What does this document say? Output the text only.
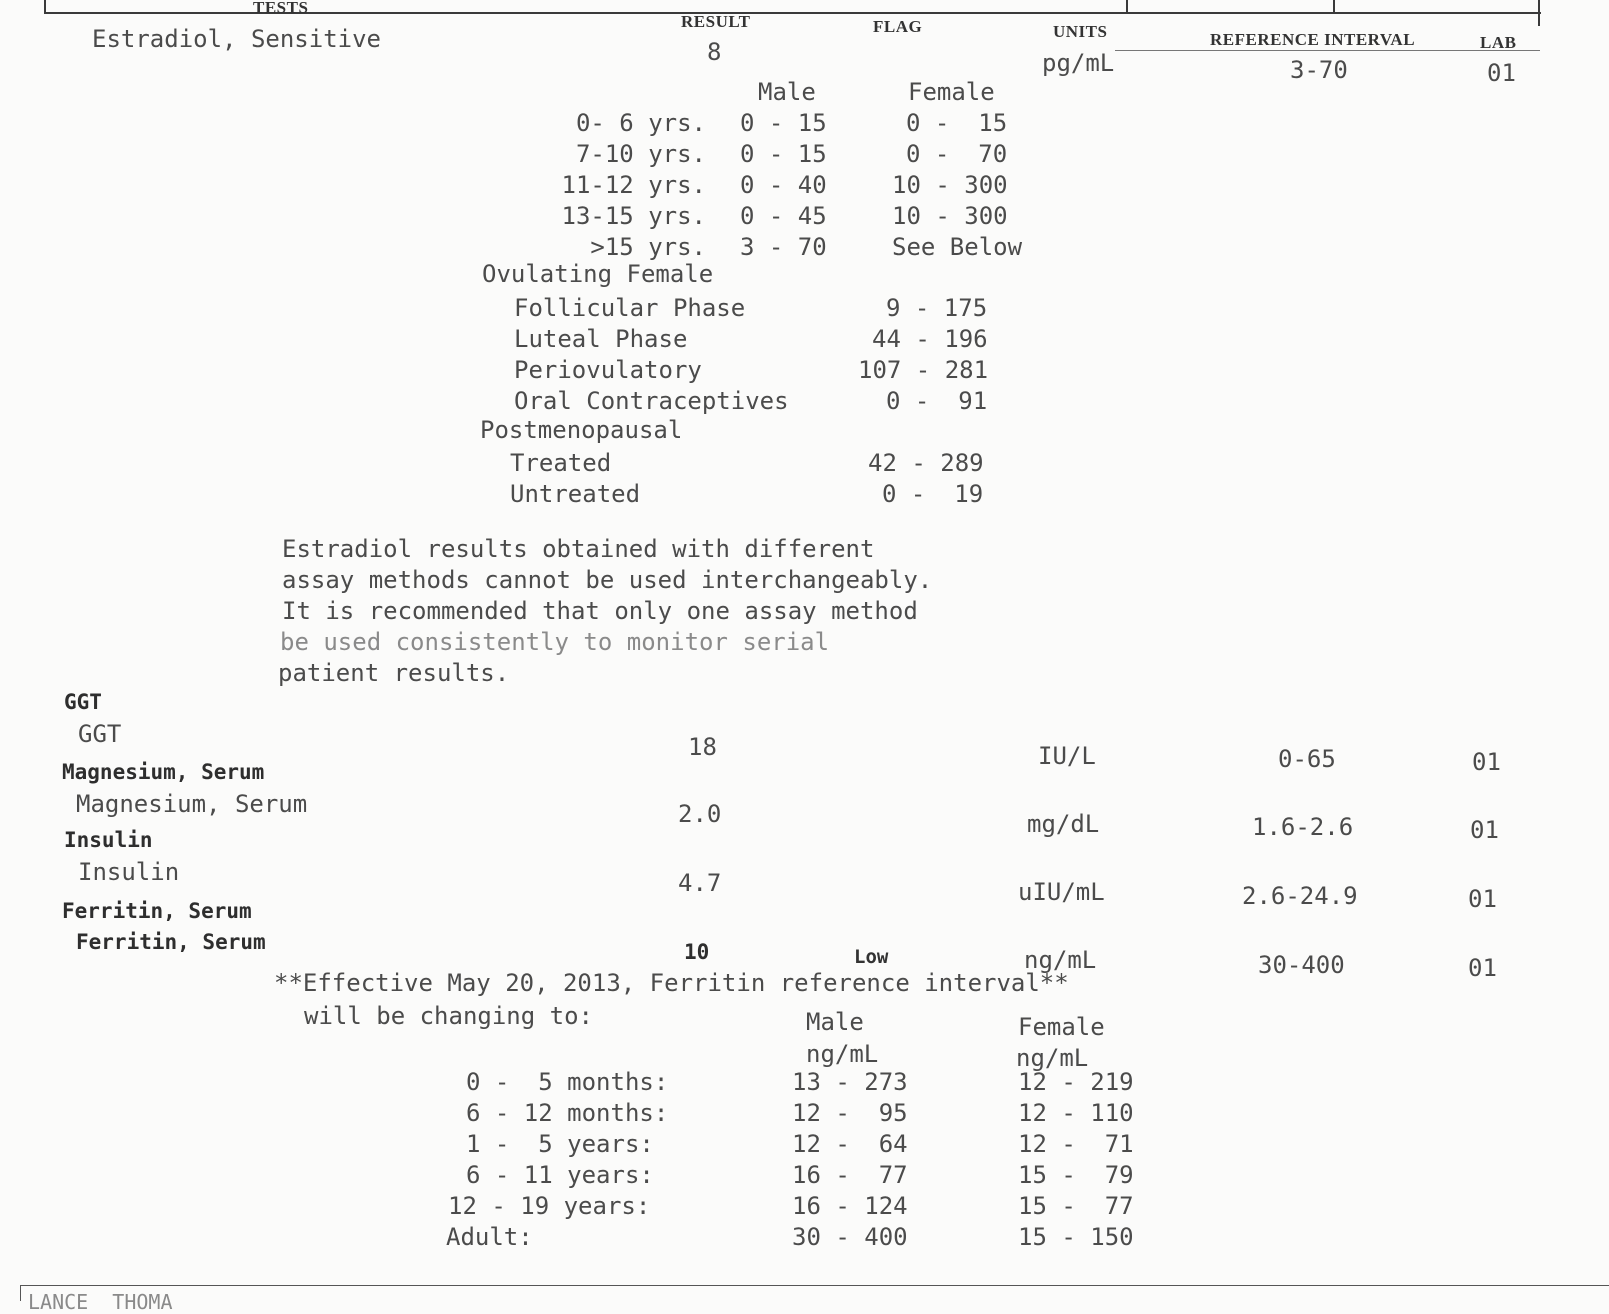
TESTS
RESULT	FLAG	UNITS	REFERENCE INTERVAL	LAB
Estradiol, Sensitive	8	pg/mL	3-70	01
	Male	Female
0- 6 yrs.	0 - 15	0 -  15
7-10 yrs.	0 - 15	0 -  70
11-12 yrs.	0 - 40	10 - 300
13-15 yrs.	0 - 45	10 - 300
>15 yrs.	3 - 70	See Below
Ovulating Female
Follicular Phase	9 - 175
Luteal Phase	44 - 196
Periovulatory	107 - 281
Oral Contraceptives	0 -  91
Postmenopausal
Treated	42 - 289
Untreated	0 -  19
Estradiol results obtained with different
assay methods cannot be used interchangeably.
It is recommended that only one assay method
be used consistently to monitor serial
patient results.
GGT
GGT	18	IU/L	0-65	01
Magnesium, Serum
Magnesium, Serum	2.0	mg/dL	1.6-2.6	01
Insulin
Insulin	4.7	uIU/mL	2.6-24.9	01
Ferritin, Serum
Ferritin, Serum	10	Low	ng/mL	30-400	01
**Effective May 20, 2013, Ferritin reference interval**
will be changing to:	Male	Female
ng/mL	ng/mL
0 -  5 months:	13 - 273	12 - 219
6 - 12 months:	12 -  95	12 - 110
1 -  5 years:	12 -  64	12 -  71
6 - 11 years:	16 -  77	15 -  79
12 - 19 years:	16 - 124	15 -  77
Adult:	30 - 400	15 - 150
LANCE  THOMA
